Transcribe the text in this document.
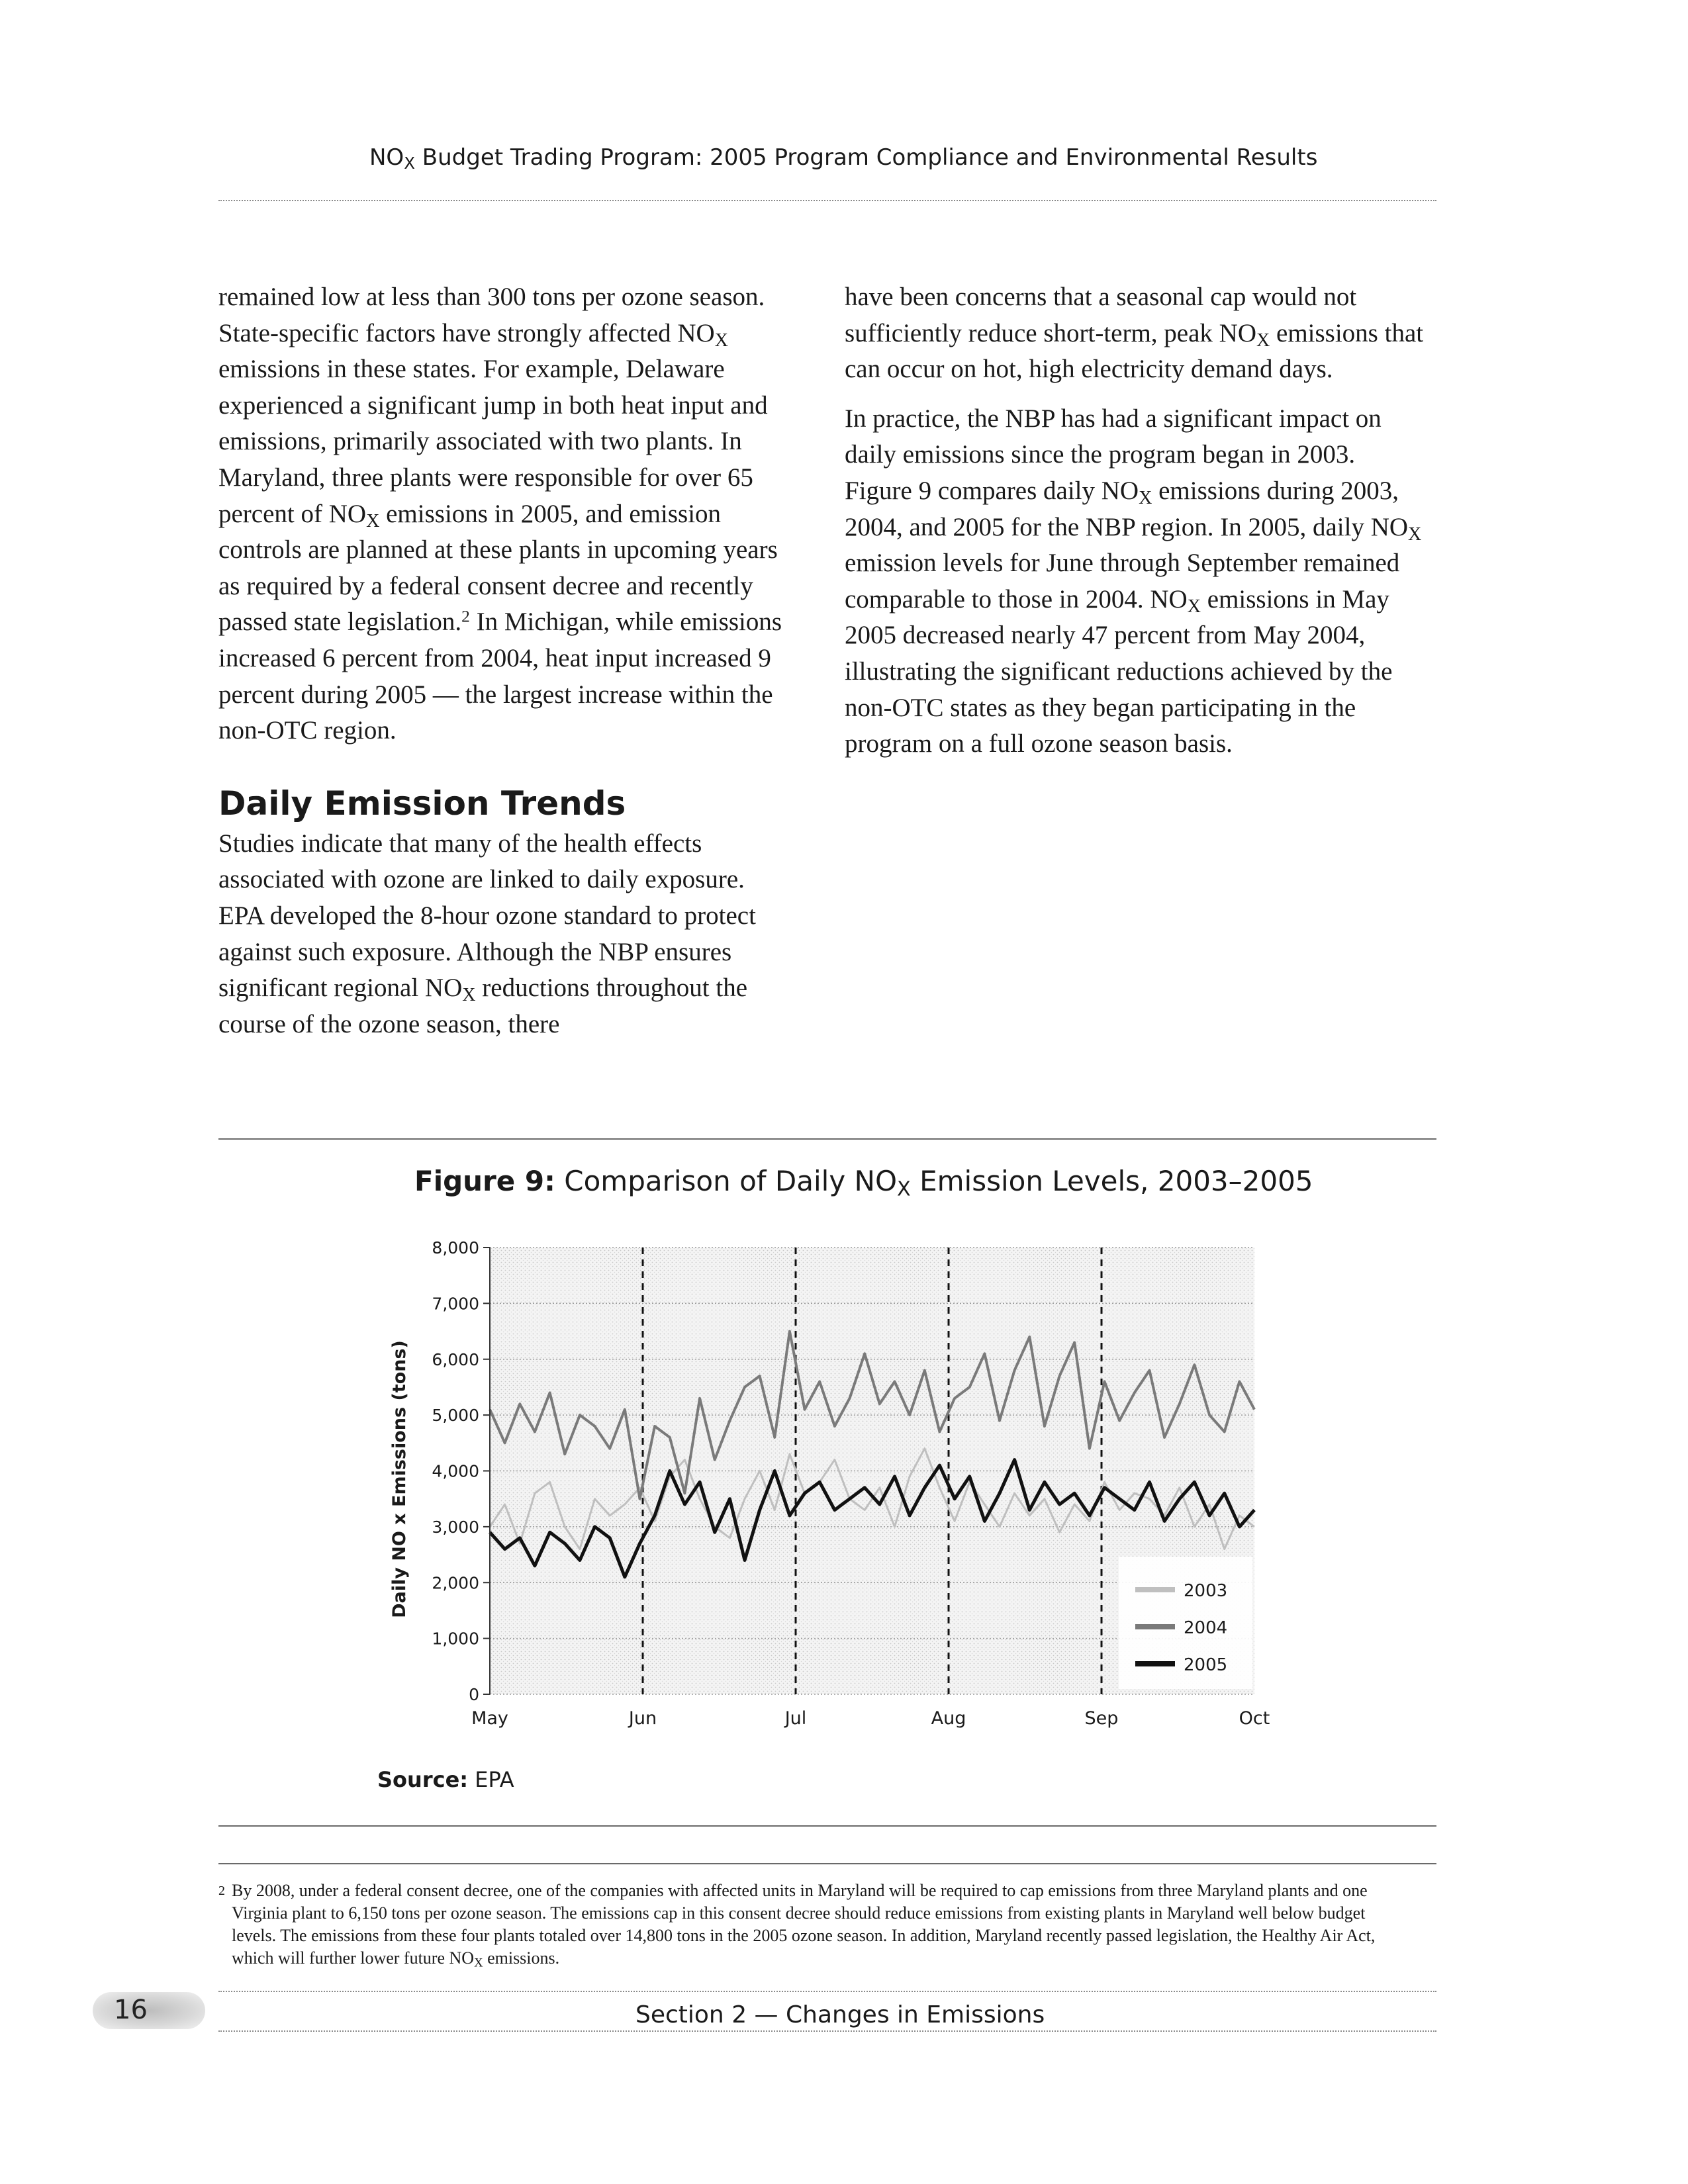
$NO_X$ Budget Trading Program: 2005 Program Compliance and Environmental Results

remained low at less than 300 tons per ozone season. State-specific factors have strongly affected $NO_X$ emissions in these states. For example, Delaware experienced a significant jump in both heat input and emissions, primarily associated with two plants. In Maryland, three plants were responsible for over 65 percent of $NO_X$ emissions in 2005, and emission controls are planned at these plants in upcoming years as required by a federal consent decree and recently passed state legislation.$^2$ In Michigan, while emissions increased 6 percent from 2004, heat input increased 9 percent during 2005 — the largest increase within the non-OTC region.

Daily Emission Trends

Studies indicate that many of the health effects associated with ozone are linked to daily exposure. EPA developed the 8-hour ozone standard to protect against such exposure. Although the NBP ensures significant regional $NO_X$ reductions throughout the course of the ozone season, there

have been concerns that a seasonal cap would not sufficiently reduce short-term, peak $NO_X$ emissions that can occur on hot, high electricity demand days.

In practice, the NBP has had a significant impact on daily emissions since the program began in 2003. Figure 9 compares daily $NO_X$ emissions during 2003, 2004, and 2005 for the NBP region. In 2005, daily $NO_X$ emission levels for June through September remained comparable to those in 2004. $NO_X$ emissions in May 2005 decreased nearly 47 percent from May 2004, illustrating the significant reductions achieved by the non-OTC states as they began participating in the program on a full ozone season basis.

Figure 9: Comparison of Daily $NO_X$ Emission Levels, 2003–2005
0
1,000
2,000
3,000
4,000
5,000
6,000
7,000
8,000
May	Jun	Jul	Aug	Sep	Oct
Daily NO x Emissions (tons)	2003
2004
2005
Source: EPA
$^2$ By 2008, under a federal consent decree, one of the companies with affected units in Maryland will be required to cap emissions from three Maryland plants and one Virginia plant to 6,150 tons per ozone season. The emissions cap in this consent decree should reduce emissions from existing plants in Maryland well below budget levels. The emissions from these four plants totaled over 14,800 tons in the 2005 ozone season. In addition, Maryland recently passed legislation, the Healthy Air Act, which will further lower future $NO_X$ emissions.
16	Section 2 — Changes in Emissions
